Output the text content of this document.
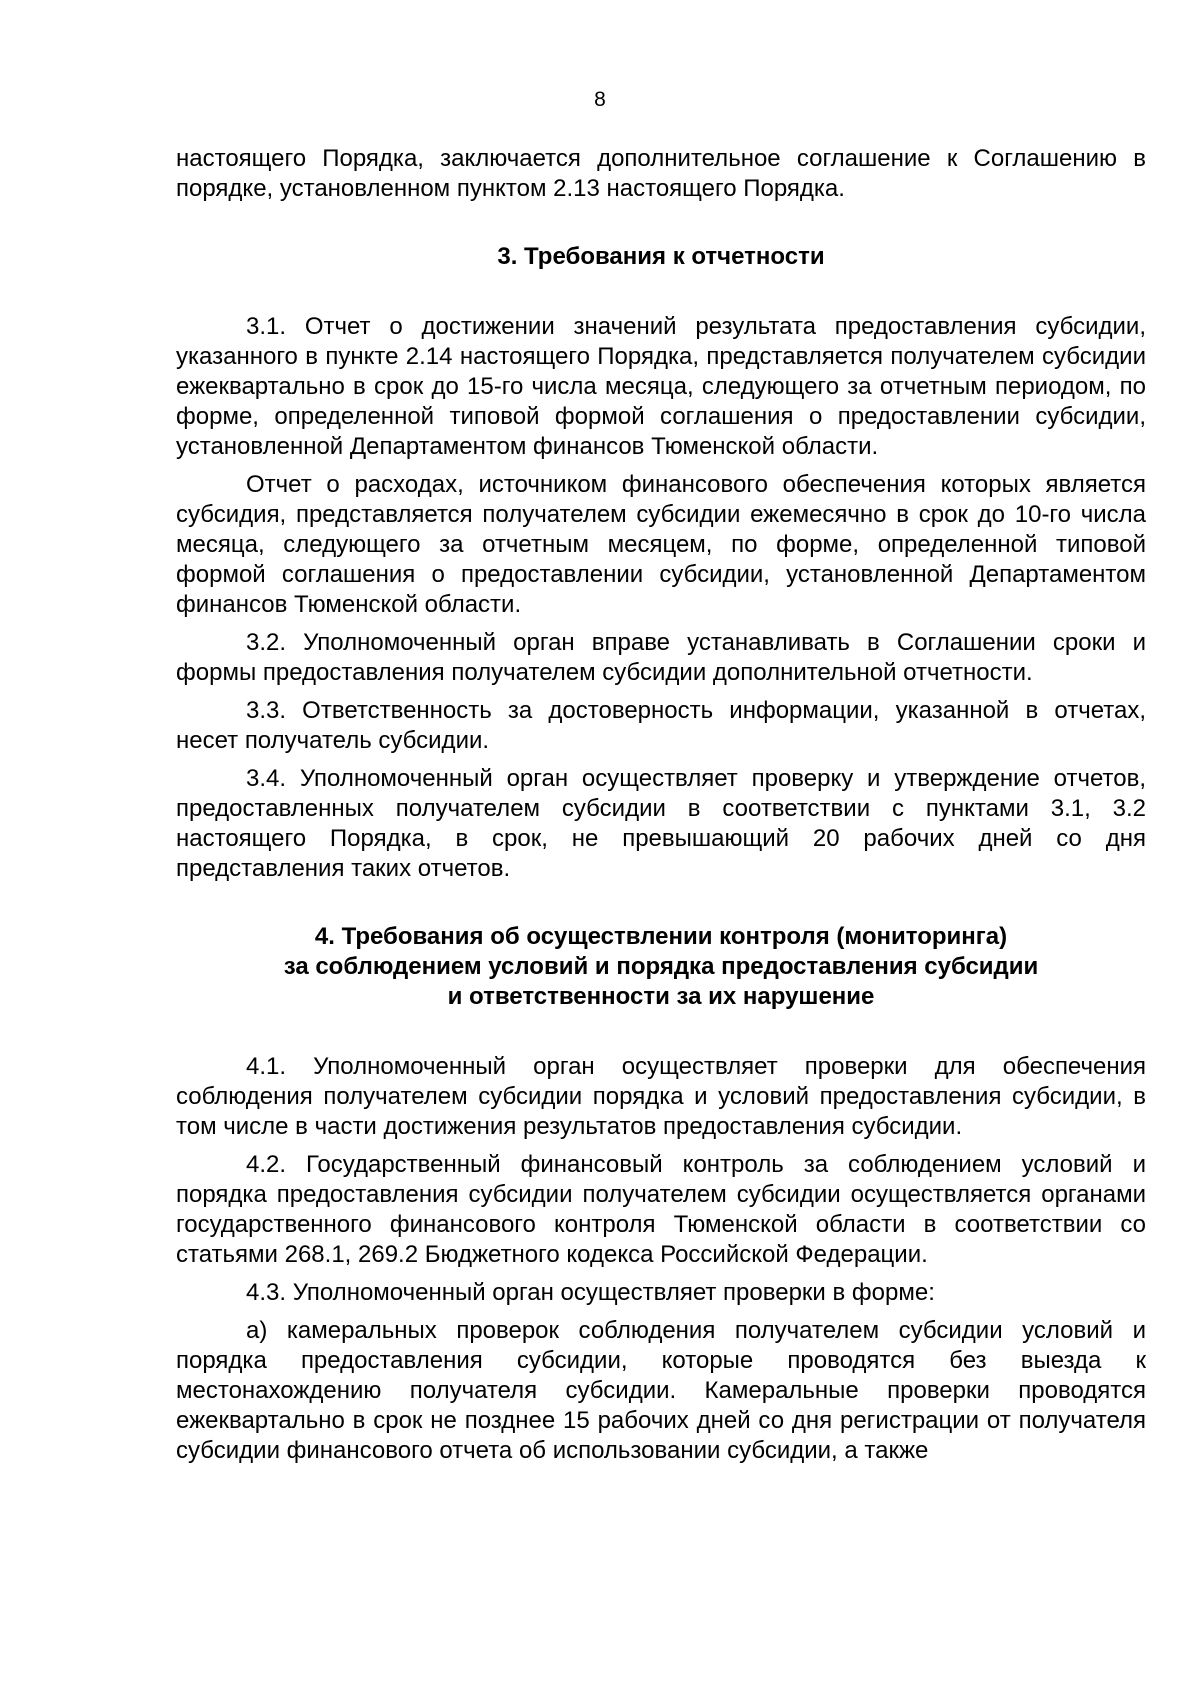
8

настоящего Порядка, заключается дополнительное соглашение к Соглашению в порядке, установленном пунктом 2.13 настоящего Порядка.

3. Требования к отчетности

3.1. Отчет о достижении значений результата предоставления субсидии, указанного в пункте 2.14 настоящего Порядка, представляется получателем субсидии ежеквартально в срок до 15-го числа месяца, следующего за отчетным периодом, по форме, определенной типовой формой соглашения о предоставлении субсидии, установленной Департаментом финансов Тюменской области.

Отчет о расходах, источником финансового обеспечения которых является субсидия, представляется получателем субсидии ежемесячно в срок до 10-го числа месяца, следующего за отчетным месяцем, по форме, определенной типовой формой соглашения о предоставлении субсидии, установленной Департаментом финансов Тюменской области.

3.2. Уполномоченный орган вправе устанавливать в Соглашении сроки и формы предоставления получателем субсидии дополнительной отчетности.

3.3. Ответственность за достоверность информации, указанной в отчетах, несет получатель субсидии.

3.4. Уполномоченный орган осуществляет проверку и утверждение отчетов, предоставленных получателем субсидии в соответствии с пунктами 3.1, 3.2 настоящего Порядка, в срок, не превышающий 20 рабочих дней со дня представления таких отчетов.

4. Требования об осуществлении контроля (мониторинга)
за соблюдением условий и порядка предоставления субсидии
и ответственности за их нарушение

4.1. Уполномоченный орган осуществляет проверки для обеспечения соблюдения получателем субсидии порядка и условий предоставления субсидии, в том числе в части достижения результатов предоставления субсидии.

4.2. Государственный финансовый контроль за соблюдением условий и порядка предоставления субсидии получателем субсидии осуществляется органами государственного финансового контроля Тюменской области в соответствии со статьями 268.1, 269.2 Бюджетного кодекса Российской Федерации.

4.3. Уполномоченный орган осуществляет проверки в форме:

а) камеральных проверок соблюдения получателем субсидии условий и порядка предоставления субсидии, которые проводятся без выезда к местонахождению получателя субсидии. Камеральные проверки проводятся ежеквартально в срок не позднее 15 рабочих дней со дня регистрации от получателя субсидии финансового отчета об использовании субсидии, а также
